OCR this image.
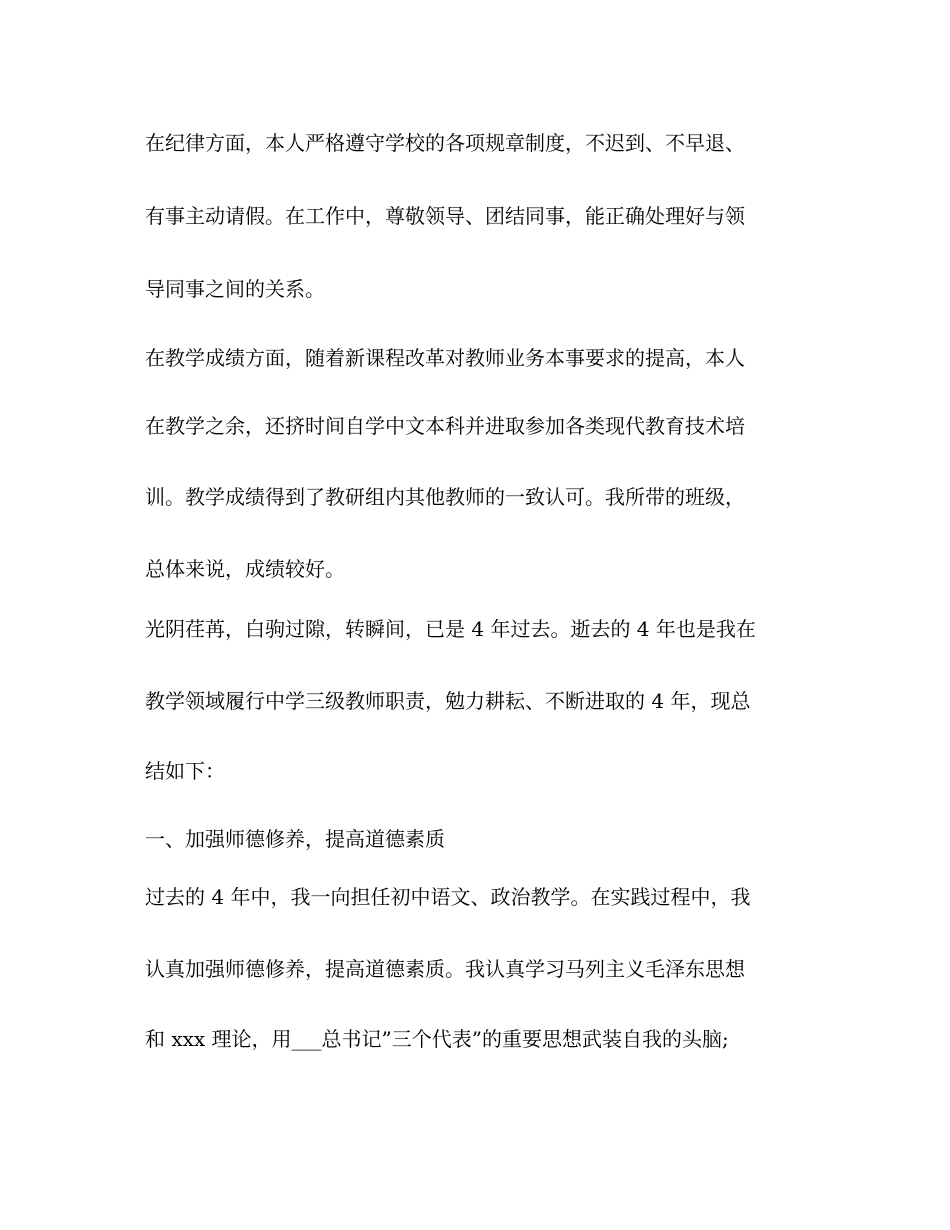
在纪律方面，本人严格遵守学校的各项规章制度，不迟到、不早退、
有事主动请假。在工作中，尊敬领导、团结同事，能正确处理好与领
导同事之间的关系。
在教学成绩方面，随着新课程改革对教师业务本事要求的提高，本人
在教学之余，还挤时间自学中文本科并进取参加各类现代教育技术培
训。教学成绩得到了教研组内其他教师的一致认可。我所带的班级，
总体来说，成绩较好。
光阴荏苒，白驹过隙，转瞬间，已是 4 年过去。逝去的 4 年也是我在
教学领域履行中学三级教师职责，勉力耕耘、不断进取的 4 年，现总
结如下：
一、加强师德修养，提高道德素质
过去的 4 年中，我一向担任初中语文、政治教学。在实践过程中，我
认真加强师德修养，提高道德素质。我认真学习马列主义毛泽东思想
和 xxx 理论，用___总书记”三个代表”的重要思想武装自我的头脑;
